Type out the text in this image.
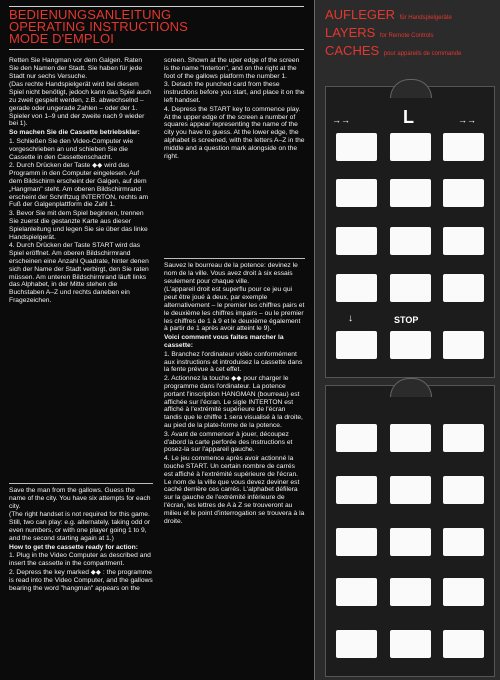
BEDIENUNGSANLEITUNG
OPERATING INSTRUCTIONS
MODE D'EMPLOI

Retten Sie Hangman vor dem Galgen. Raten Sie den Namen der Stadt. Sie haben für jede Stadt nur sechs Versuche.

(Das rechte Handspielgerät wird bei diesem Spiel nicht benötigt, jedoch kann das Spiel auch zu zweit gespielt werden, z.B. abwechselnd – gerade oder ungerade Zahlen – oder der 1. Spieler von 1–9 und der zweite nach 9 wieder bei 1).

So machen Sie die Cassette betriebsklar:

1. Schließen Sie den Video-Computer wie vorgeschrieben an und schieben Sie die Cassette in den Cassettenschacht.

2. Durch Drücken der Taste ◆◆ wird das Programm in den Computer eingelesen. Auf dem Bildschirm erscheint der Galgen, auf dem „Hangman" steht. Am oberen Bildschirmrand erscheint der Schriftzug INTERTON, rechts am Fuß der Galgenplattform die Zahl 1.

3. Bevor Sie mit dem Spiel beginnen, trennen Sie zuerst die gestanzte Karte aus dieser Spielanleitung und legen Sie sie über das linke Handspielgerät.

4. Durch Drücken der Taste START wird das Spiel eröffnet. Am oberen Bildschirmrand erscheinen eine Anzahl Quadrate, hinter denen sich der Name der Stadt verbirgt, den Sie raten müssen. Am unteren Bildschirmrand läuft links das Alphabet, in der Mitte stehen die Buchstaben A–Z und rechts daneben ein Fragezeichen.

screen. Shown at the uper edge of the screen is the name "Interton", and on the right at the foot of the gallows platform the number 1.

3. Detach the punched card from these instructions before you start, and place it on the left handset.

4. Depress the START key to commence play. At the upper edge of the screen a number of squares appear representing the name of the city you have to guess. At the lower edge, the alphabet is screened, with the letters A–Z in the middle and a question mark alongside on the right.

Sauvez le bourreau de la potence: devinez le nom de la ville. Vous avez droit à six essais seulement pour chaque ville.

(L'appareil droit est superflu pour ce jeu qui peut être joué à deux, par exemple alternativement – le premier les chiffres pairs et le deuxième les chiffres impairs – ou le premier les chiffres de 1 à 9 et le deuxième également à partir de 1 après avoir atteint le 9).

Voici comment vous faites marcher la cassette:

1. Branchez l'ordinateur vidéo conformément aux instructions et introduisez la cassette dans la fente prévue à cet effet.

2. Actionnez la touche ◆◆ pour charger le programme dans l'ordinateur. La potence portant l'inscription HANGMAN (bourreau) est affichée sur l'écran. Le sigle INTERTON est affiché à l'extrémité supérieure de l'écran tandis que le chiffre 1 sera visualisé à la droite, au pied de la plate-forme de la potence.

3. Avant de commencer à jouer, découpez d'abord la carte perforée des instructions et posez-la sur l'appareil gauche.

4. Le jeu commence après avoir actionné la touche START. Un certain nombre de carrés est affiché à l'extrémité supérieure de l'écran. Le nom de la ville que vous devez deviner est caché derrière ces carrés. L'alphabet défilera sur la gauche de l'extrémité inférieure de l'écran, les lettres de A à Z se trouveront au milieu et le point d'interrogation se trouvera à la droite.

Save the man from the gallows. Guess the name of the city. You have six attempts for each city.

(The right handset is not required for this game. Still, two can play: e.g. alternately, taking odd or even numbers, or with one player going 1 to 9, and the second starting again at 1.)

How to get the cassette ready for action:

1. Plug in the Video Computer as described and insert the cassette in the compartment.

2. Depress the key marked ◆◆ : the programme is read into the Video Computer, and the gallows bearing the word "hangman" appears on the

AUFLEGER für Handspielgeräte
LAYERS for Remote Controls
CACHES pour appareils de commande
→→	L	→→
↓	STOP
